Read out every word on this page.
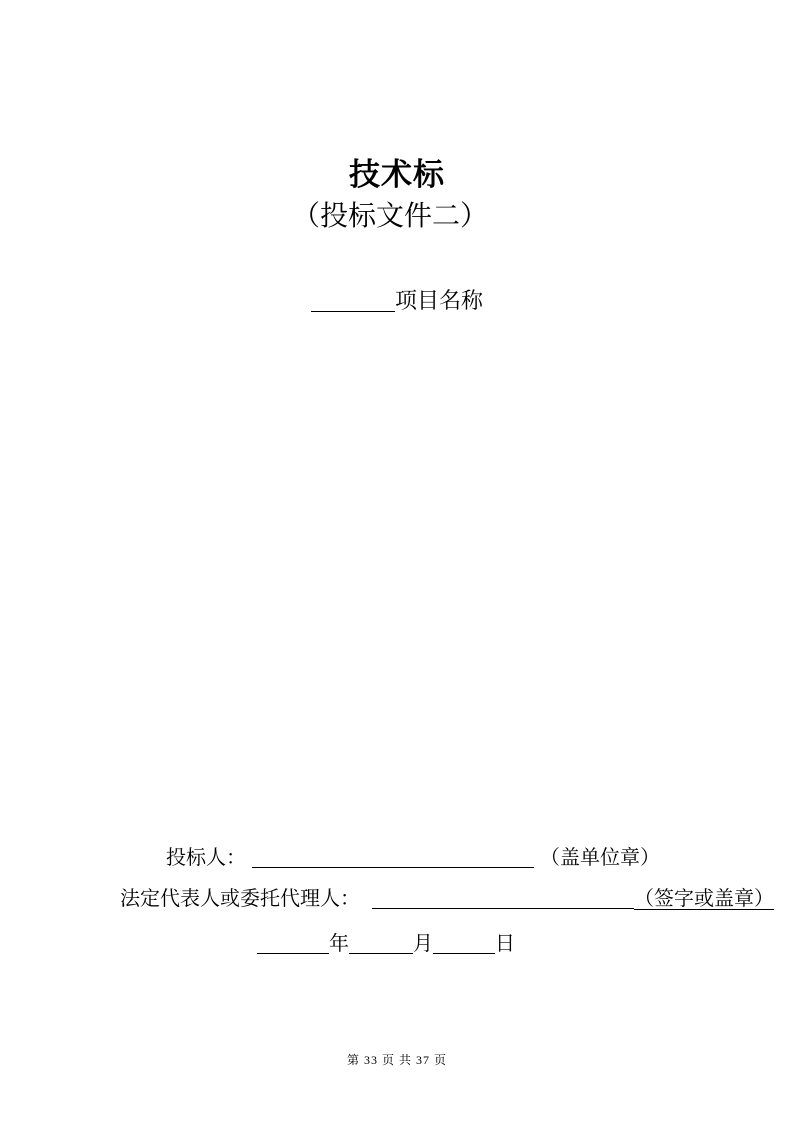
技术标
（投标文件二）
项目名称
投标人：	（盖单位章）
法定代表人或委托代理人：	（签字或盖章）
年	月	日
第 33 页 共 37 页
